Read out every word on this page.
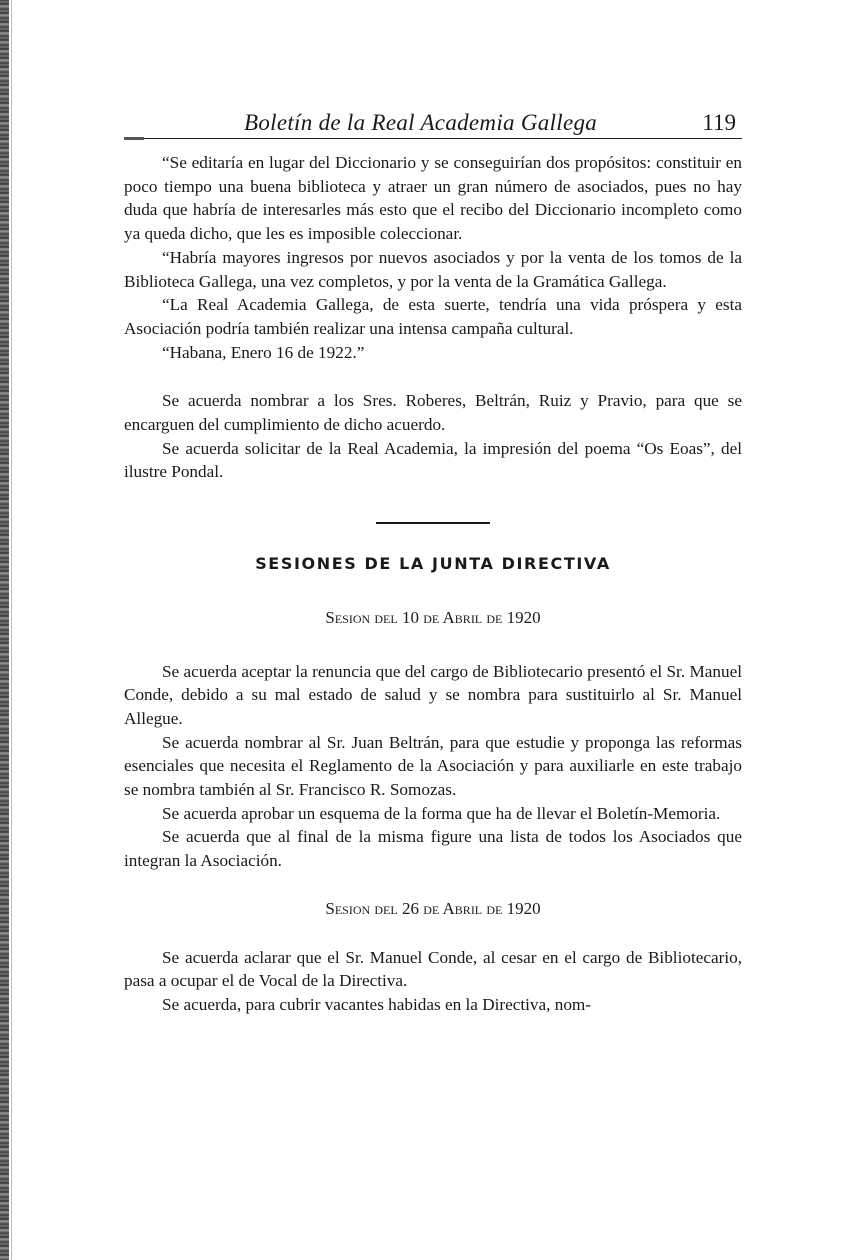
Boletín de la Real Academia Gallega	119

“Se editaría en lugar del Diccionario y se conseguirían dos propósitos: constituir en poco tiempo una buena biblioteca y atraer un gran número de asociados, pues no hay duda que habría de interesarles más esto que el recibo del Diccionario incompleto como ya queda dicho, que les es imposible coleccionar.

“Habría mayores ingresos por nuevos asociados y por la venta de los tomos de la Biblioteca Gallega, una vez completos, y por la venta de la Gramática Gallega.

“La Real Academia Gallega, de esta suerte, tendría una vida próspera y esta Asociación podría también realizar una intensa campaña cultural.

“Habana, Enero 16 de 1922.”

Se acuerda nombrar a los Sres. Roberes, Beltrán, Ruiz y Pravio, para que se encarguen del cumplimiento de dicho acuerdo.

Se acuerda solicitar de la Real Academia, la impresión del poema “Os Eoas”, del ilustre Pondal.

SESIONES DE LA JUNTA DIRECTIVA
Sesion del 10 de Abril de 1920

Se acuerda aceptar la renuncia que del cargo de Bibliotecario presentó el Sr. Manuel Conde, debido a su mal estado de salud y se nombra para sustituirlo al Sr. Manuel Allegue.

Se acuerda nombrar al Sr. Juan Beltrán, para que estudie y proponga las reformas esenciales que necesita el Reglamento de la Asociación y para auxiliarle en este trabajo se nombra también al Sr. Francisco R. Somozas.

Se acuerda aprobar un esquema de la forma que ha de llevar el Boletín-Memoria.

Se acuerda que al final de la misma figure una lista de todos los Asociados que integran la Asociación.

Sesion del 26 de Abril de 1920

Se acuerda aclarar que el Sr. Manuel Conde, al cesar en el cargo de Bibliotecario, pasa a ocupar el de Vocal de la Directiva.

Se acuerda, para cubrir vacantes habidas en la Directiva, nom-
